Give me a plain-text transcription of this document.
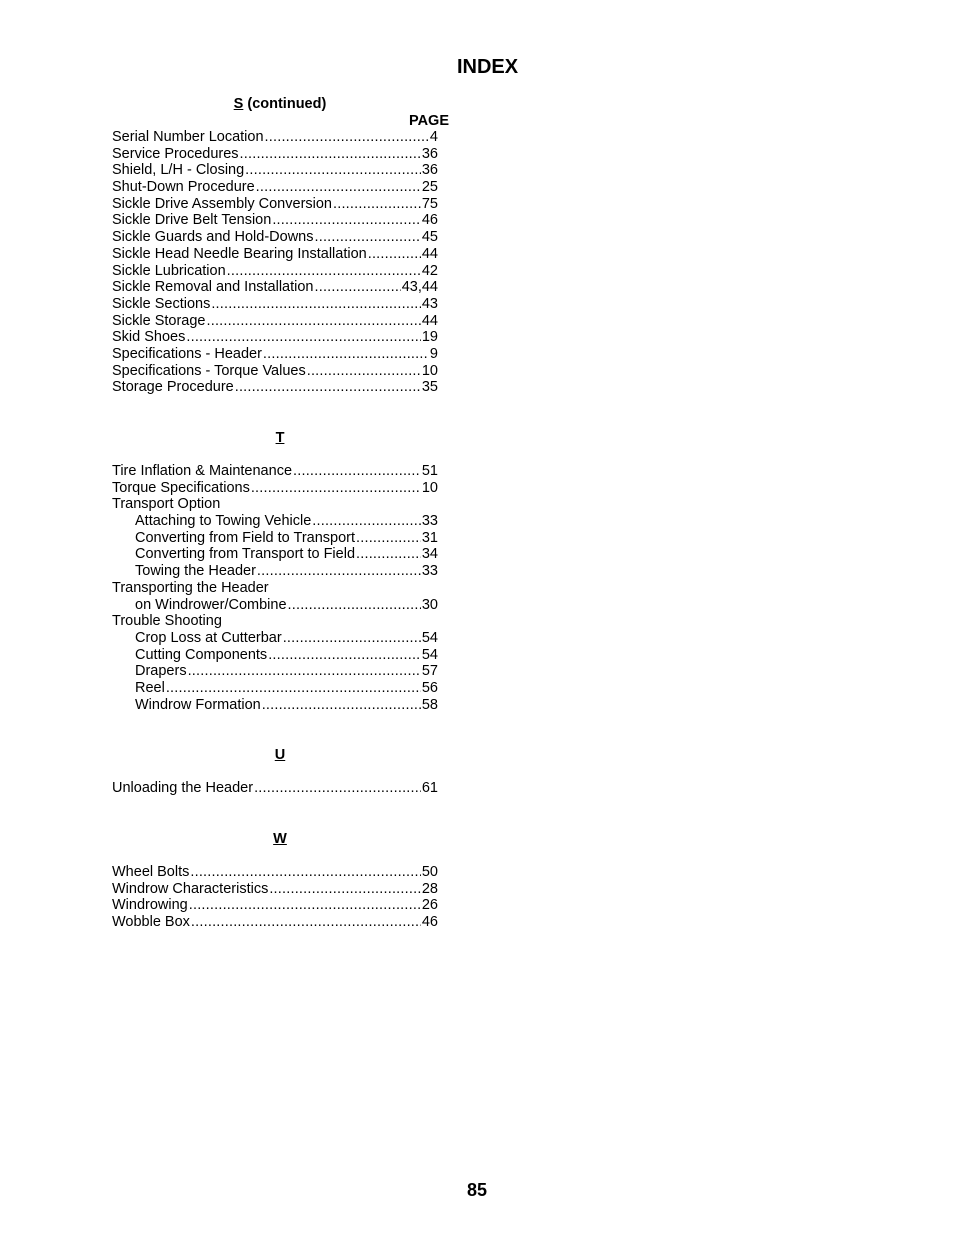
INDEX
S (continued)
PAGE
Serial Number Location .....	4
Service Procedures .....	36
Shield, L/H - Closing .....	36
Shut-Down Procedure .....	25
Sickle Drive Assembly Conversion .....	75
Sickle Drive Belt Tension .....	46
Sickle Guards and Hold-Downs .....	45
Sickle Head Needle Bearing Installation .....	44
Sickle Lubrication .....	42
Sickle Removal and Installation .....	43,44
Sickle Sections .....	43
Sickle Storage .....	44
Skid Shoes .....	19
Specifications - Header .....	9
Specifications - Torque Values .....	10
Storage Procedure .....	35
T
Tire Inflation & Maintenance .....	51
Torque Specifications .....	10
Transport Option
Attaching to Towing Vehicle .....	33
Converting from Field to Transport .....	31
Converting from Transport to Field .....	34
Towing the Header .....	33
Transporting the Header
on Windrower/Combine .....	30
Trouble Shooting
Crop Loss at Cutterbar .....	54
Cutting Components .....	54
Drapers .....	57
Reel .....	56
Windrow Formation .....	58
U
Unloading the Header .....	61
W
Wheel Bolts .....	50
Windrow Characteristics .....	28
Windrowing .....	26
Wobble Box .....	46
85
